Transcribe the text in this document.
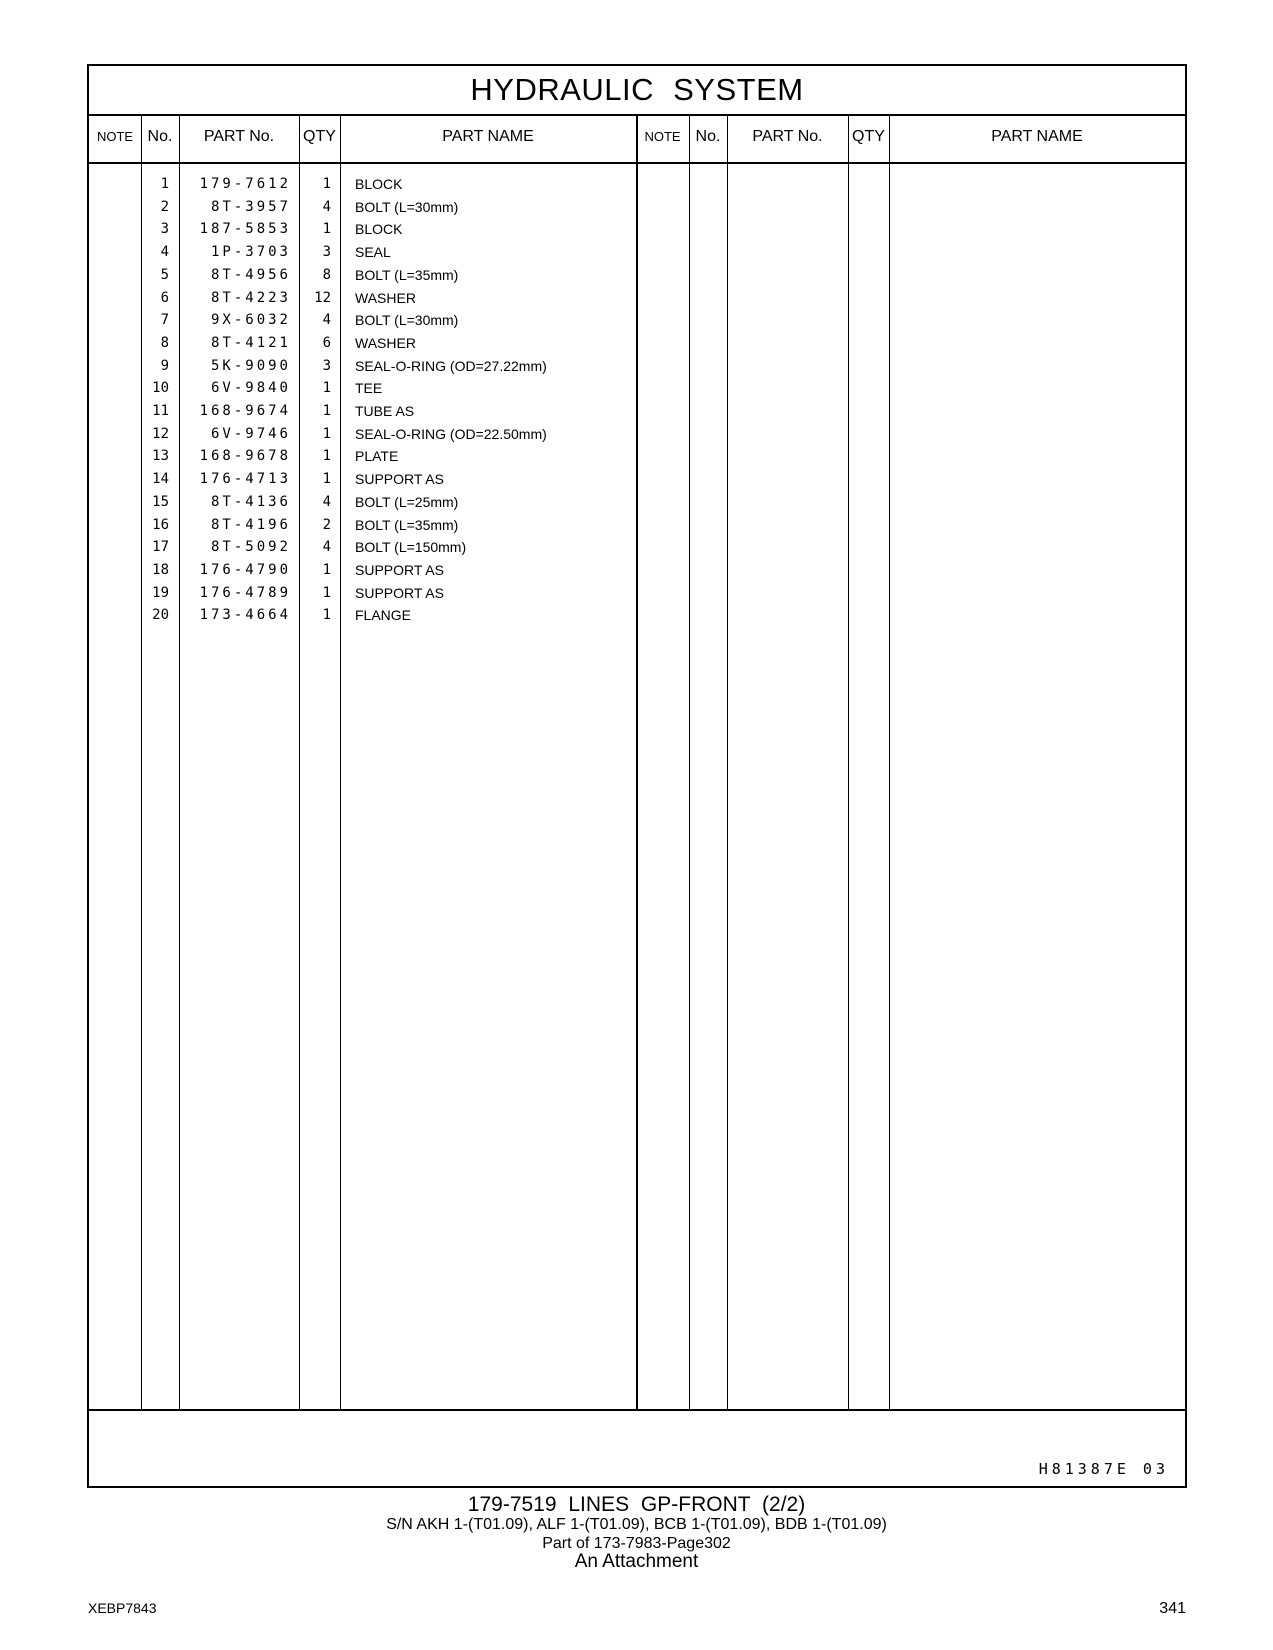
HYDRAULIC SYSTEM
NOTE No.	PART No.	QTY	PART NAME	NOTE No.	PART No.	QTY	PART NAME
1 179-7612	1 BLOCK
2	8T-3957	4 BOLT (L=30mm)
3 187-5853	1 BLOCK
4	1P-3703	3 SEAL
5	8T-4956	8 BOLT (L=35mm)
6	8T-4223	12 WASHER
7	9X-6032	4 BOLT (L=30mm)
8	8T-4121	6 WASHER
9	5K-9090	3 SEAL-O-RING (OD=27.22mm)
10	6V-9840	1 TEE
11 168-9674	1 TUBE AS
12	6V-9746	1 SEAL-O-RING (OD=22.50mm)
13 168-9678	1 PLATE
14 176-4713	1 SUPPORT AS
15	8T-4136	4 BOLT (L=25mm)
16	8T-4196	2 BOLT (L=35mm)
17	8T-5092	4 BOLT (L=150mm)
18 176-4790	1 SUPPORT AS
19 176-4789	1 SUPPORT AS
20 173-4664	1 FLANGE
H81387E 03
179-7519 LINES GP-FRONT (2/2)
S/N AKH 1-(T01.09), ALF 1-(T01.09), BCB 1-(T01.09), BDB 1-(T01.09)
Part of 173-7983-Page302
An Attachment
XEBP7843	341
